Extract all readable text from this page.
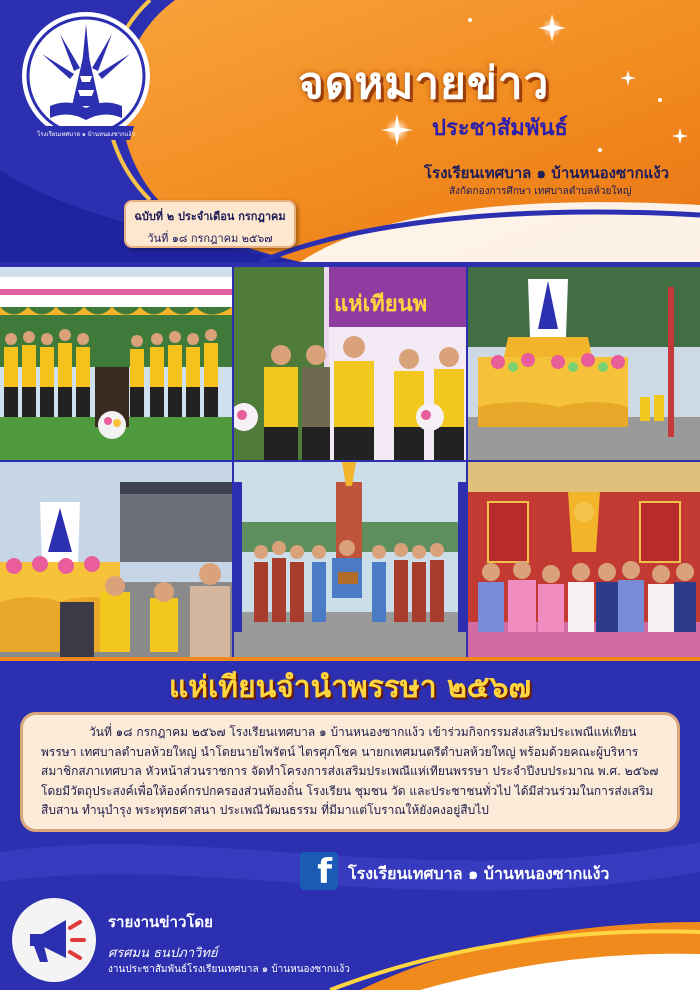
โรงเรียนเทศบาล ๑ บ้านหนองซากแง้ว
จดหมายข่าว
ประชาสัมพันธ์
โรงเรียนเทศบาล ๑ บ้านหนองซากแง้ว
สังกัดกองการศึกษา เทศบาลตำบลห้วยใหญ่
ฉบับที่ ๒ ประจำเดือน กรกฎาคม
วันที่ ๑๘ กรกฎาคม ๒๕๖๗
แห่เทียนพ
แห่เทียนจำนำพรรษา ๒๕๖๗

วันที่ ๑๘ กรกฎาคม ๒๕๖๗ โรงเรียนเทศบาล ๑ บ้านหนองซากแง้ว เข้าร่วมกิจกรรมส่งเสริมประเพณีแห่เทียนพรรษา เทศบาลตำบลห้วยใหญ่ นำโดยนายไพรัตน์ ไตรศุภโชค นายกเทศมนตรีตำบลห้วยใหญ่ พร้อมด้วยคณะผู้บริหาร สมาชิกสภาเทศบาล หัวหน้าส่วนราชการ จัดทำโครงการส่งเสริมประเพณีแห่เทียนพรรษา ประจำปีงบประมาณ พ.ศ. ๒๕๖๗ โดยมีวัตถุประสงค์เพื่อให้องค์กรปกครองส่วนท้องถิ่น โรงเรียน ชุมชน วัด และประชาชนทั่วไป ได้มีส่วนร่วมในการส่งเสริม สืบสาน ทำนุบำรุง พระพุทธศาสนา ประเพณีวัฒนธรรม ที่มีมาแต่โบราณให้ยังคงอยู่สืบไป

f โรงเรียนเทศบาล ๑ บ้านหนองซากแง้ว
รายงานข่าวโดย
ศรศมน ธนปภาวิทย์
งานประชาสัมพันธ์โรงเรียนเทศบาล ๑ บ้านหนองซากแง้ว
